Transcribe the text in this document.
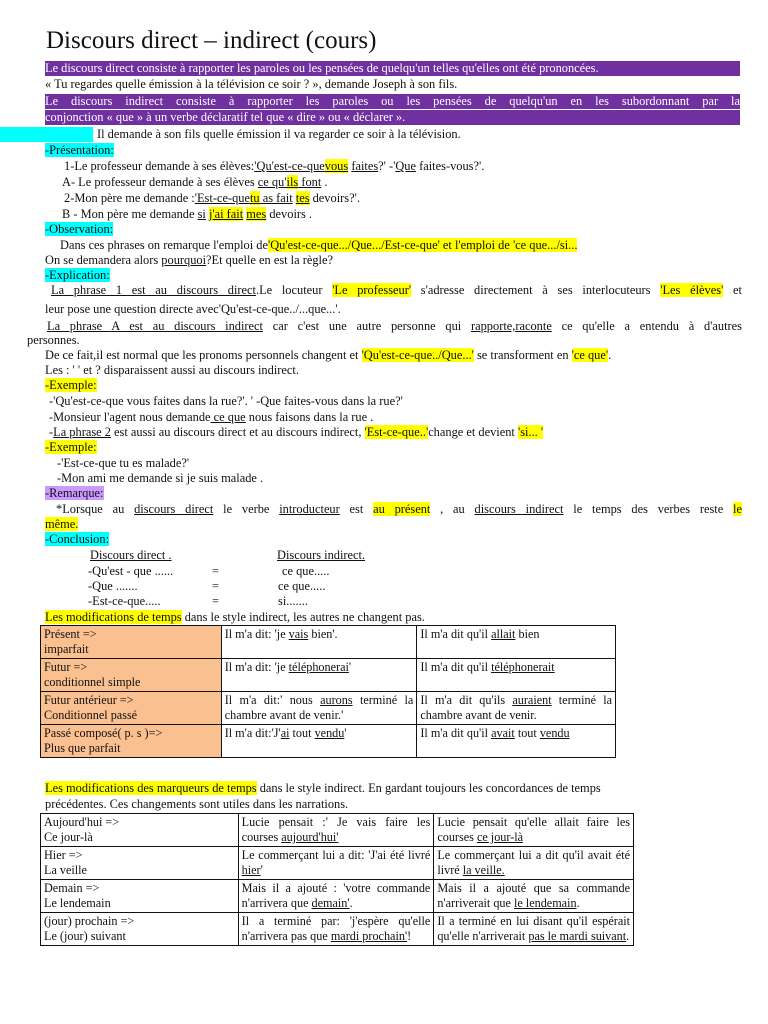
Discours direct – indirect (cours)
Le discours direct consiste à rapporter les paroles ou les pensées de quelqu'un telles qu'elles ont été prononcées.
« Tu regardes quelle émission à la télévision ce soir ? », demande Joseph à son fils.
Le discours indirect consiste à rapporter les paroles ou les pensées de quelqu'un en les subordonnant par la
conjonction « que » à un verbe déclaratif tel que « dire » ou « déclarer ».
Il demande à son fils quelle émission il va regarder ce soir à la télévision.
-Présentation:
1-Le professeur demande à ses élèves:'Qu'est-ce-quevous faites?' -'Que faites-vous?'.
A- Le professeur demande à ses élèves ce qu'ils font .
2-Mon père me demande :'Est-ce-quetu as fait tes devoirs?'.
B - Mon père me demande si j'ai fait mes devoirs .
-Observation:
Dans ces phrases on remarque l'emploi de'Qu'est-ce-que.../Que.../Est-ce-que' et l'emploi de 'ce que.../si...
On se demandera alors pourquoi?Et quelle en est la règle?
-Explication:
La phrase 1 est au discours direct.Le locuteur 'Le professeur' s'adresse directement à ses interlocuteurs 'Les élèves' et
leur pose une question directe avec'Qu'est-ce-que../...que...'.
La phrase A est au discours indirect car c'est une autre personne qui rapporte,raconte ce qu'elle a entendu à d'autres
personnes.
De ce fait,il est normal que les pronoms personnels changent et 'Qu'est-ce-que../Que...' se transforment en 'ce que'.
Les : ' ' et ? disparaissent aussi au discours indirect.
-Exemple:
-'Qu'est-ce-que vous faites dans la rue?'. ' -Que faites-vous dans la rue?'
-Monsieur l'agent nous demande ce que nous faisons dans la rue .
-La phrase 2 est aussi au discours direct et au discours indirect, 'Est-ce-que..'change et devient 'si... '
-Exemple:
-'Est-ce-que tu es malade?'
-Mon ami me demande si je suis malade .
-Remarque:
*Lorsque au discours direct le verbe introducteur est au présent , au discours indirect le temps des verbes reste le
même.
-Conclusion:
Discours direct .	Discours indirect.
-Qu'est - que ......	=	ce que.....
-Que .......	=	ce que.....
-Est-ce-que.....	=	si.......
Les modifications de temps dans le style indirect, les autres ne changent pas.
Présent =>
imparfait	Il m'a dit: 'je vais bien'.	Il m'a dit qu'il allait bien

Futur =>
conditionnel simple	Il m'a dit: 'je téléphonerai'	Il m'a dit qu'il téléphonerait

Futur antérieur =>
Conditionnel passé	Il m'a dit:' nous aurons terminé la chambre avant de venir.'	Il m'a dit qu'ils auraient terminé la chambre avant de venir.

Passé composé( p. s )=>
Plus que parfait	Il m'a dit:'J'ai tout vendu'	Il m'a dit qu'il avait tout vendu
Les modifications des marqueurs de temps dans le style indirect. En gardant toujours les concordances de temps
précédentes. Ces changements sont utiles dans les narrations.
Aujourd'hui =>
Ce jour-là	Lucie pensait :' Je vais faire les courses aujourd'hui'	Lucie pensait qu'elle allait faire les courses ce jour-là

Hier =>
La veille	Le commerçant lui a dit: 'J'ai été livré hier'	Le commerçant lui a dit qu'il avait été livré la veille.

Demain =>
Le lendemain	Mais il a ajouté : 'votre commande n'arrivera que demain'.	Mais il a ajouté que sa commande n'arriverait que le lendemain.

(jour) prochain =>
Le (jour) suivant	Il a terminé par: 'j'espère qu'elle n'arrivera pas que mardi prochain'!	Il a terminé en lui disant qu'il espérait qu'elle n'arriverait pas le mardi suivant.
